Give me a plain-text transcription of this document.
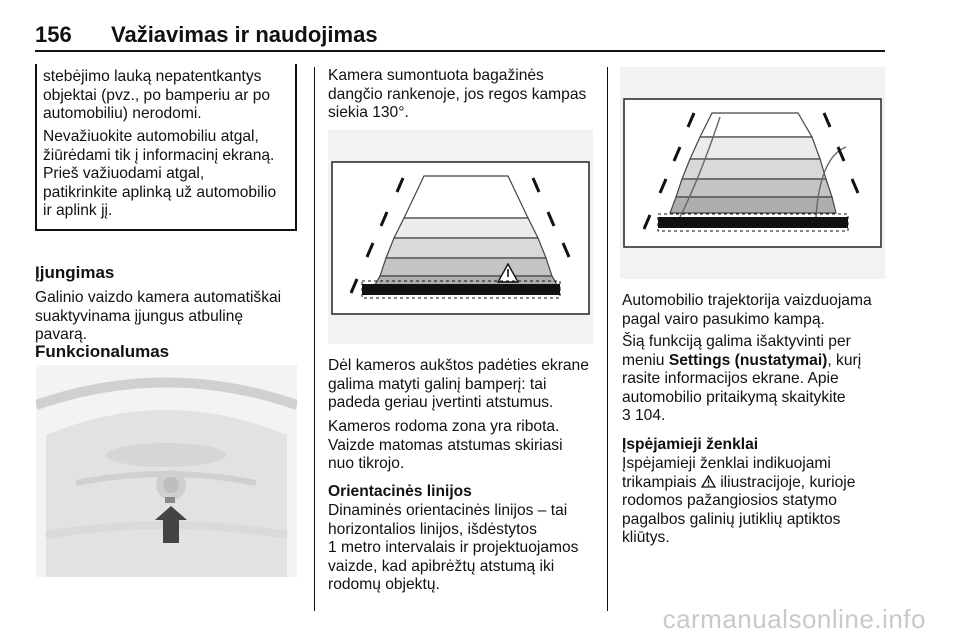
156 Važiavimas ir naudojimas
stebėjimo lauką nepatentkantys
objektai (pvz., po bamperiu ar po
automobiliu) nerodomi.
Nevažiuokite automobiliu atgal,
žiūrėdami tik į informacinį ekraną.
Prieš važiuodami atgal,
patikrinkite aplinką už automobilio
ir aplink jį.
Įjungimas
Galinio vaizdo kamera automatiškai
suaktyvinama įjungus atbulinę
pavarą.
Funkcionalumas
Kamera sumontuota bagažinės
dangčio rankenoje, jos regos kampas
siekia 130°.
Dėl kameros aukštos padėties ekrane
galima matyti galinį bamperį: tai
padeda geriau įvertinti atstumus.
Kameros rodoma zona yra ribota.
Vaizde matomas atstumas skiriasi
nuo tikrojo.
Orientacinės linijos
Dinaminės orientacinės linijos – tai
horizontalios linijos, išdėstytos
1 metro intervalais ir projektuojamos
vaizde, kad apibrėžtų atstumą iki
rodomų objektų.
Automobilio trajektorija vaizduojama
pagal vairo pasukimo kampą.
Šią funkciją galima išaktyvinti per
meniu Settings (nustatymai), kurį
rasite informacijos ekrane. Apie
automobilio pritaikymą skaitykite
3 104.
Įspėjamieji ženklai
Įspėjamieji ženklai indikuojami
trikampiais  iliustracijoje, kurioje
rodomos pažangiosios statymo
pagalbos galinių jutiklių aptiktos
kliūtys.
carmanualsonline.info
